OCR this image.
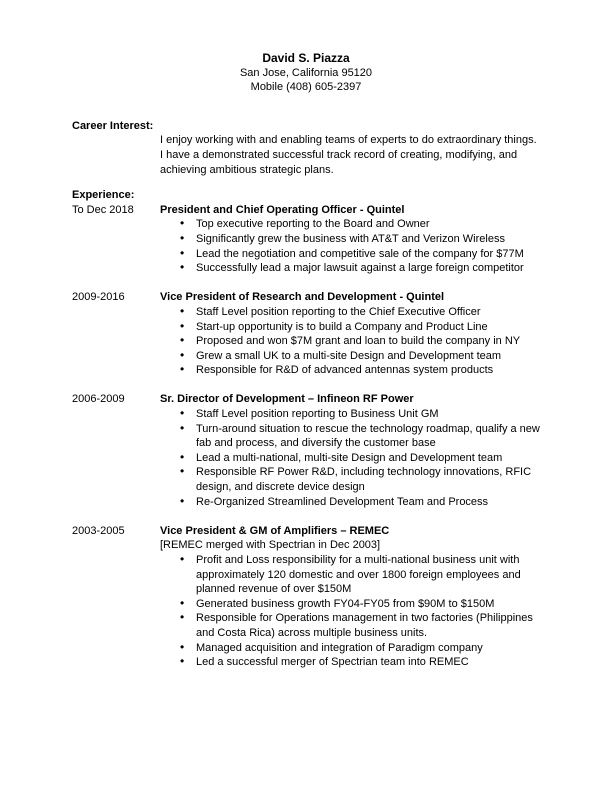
David S. Piazza
San Jose, California 95120
Mobile (408) 605-2397
Career Interest:
I enjoy working with and enabling teams of experts to do extraordinary things. I have a demonstrated successful track record of creating, modifying, and achieving ambitious strategic plans.
Experience:
To Dec 2018	President and Chief Operating Officer - Quintel
• Top executive reporting to the Board and Owner
• Significantly grew the business with AT&T and Verizon Wireless
• Lead the negotiation and competitive sale of the company for $77M
• Successfully lead a major lawsuit against a large foreign competitor
2009-2016	Vice President of Research and Development - Quintel
• Staff Level position reporting to the Chief Executive Officer
• Start-up opportunity is to build a Company and Product Line
• Proposed and won $7M grant and loan to build the company in NY
• Grew a small UK to a multi-site Design and Development team
• Responsible for R&D of advanced antennas system products
2006-2009	Sr. Director of Development – Infineon RF Power
• Staff Level position reporting to Business Unit GM
• Turn-around situation to rescue the technology roadmap, qualify a new fab and process, and diversify the customer base
• Lead a multi-national, multi-site Design and Development team
• Responsible RF Power R&D, including technology innovations, RFIC design, and discrete device design
• Re-Organized Streamlined Development Team and Process
2003-2005	Vice President & GM of Amplifiers – REMEC
[REMEC merged with Spectrian in Dec 2003]
• Profit and Loss responsibility for a multi-national business unit with approximately 120 domestic and over 1800 foreign employees and planned revenue of over $150M
• Generated business growth FY04-FY05 from $90M to $150M
• Responsible for Operations management in two factories (Philippines and Costa Rica) across multiple business units.
• Managed acquisition and integration of Paradigm company
• Led a successful merger of Spectrian team into REMEC
